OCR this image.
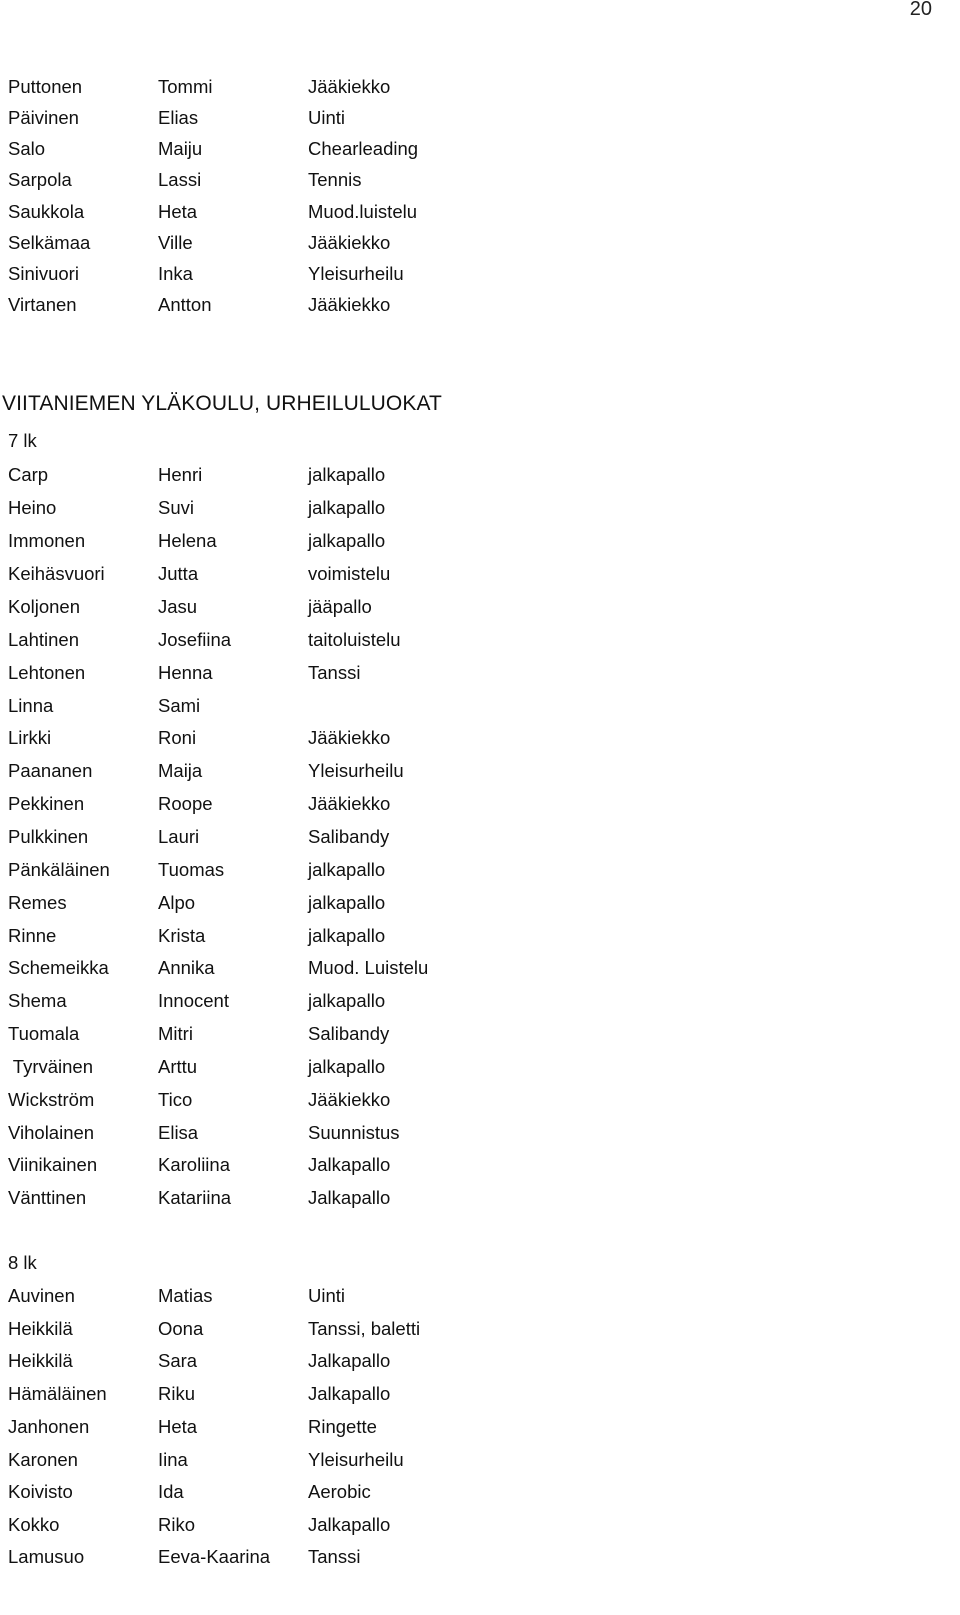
20
Puttonen	Tommi	Jääkiekko
Päivinen	Elias	Uinti
Salo	Maiju	Chearleading
Sarpola	Lassi	Tennis
Saukkola	Heta	Muod.luistelu
Selkämaa	Ville	Jääkiekko
Sinivuori	Inka	Yleisurheilu
Virtanen	Antton	Jääkiekko
VIITANIEMEN YLÄKOULU, URHEILULUOKAT
7 lk
Carp	Henri	jalkapallo
Heino	Suvi	jalkapallo
Immonen	Helena	jalkapallo
Keihäsvuori	Jutta	voimistelu
Koljonen	Jasu	jääpallo
Lahtinen	Josefiina	taitoluistelu
Lehtonen	Henna	Tanssi
Linna	Sami
Lirkki	Roni	Jääkiekko
Paananen	Maija	Yleisurheilu
Pekkinen	Roope	Jääkiekko
Pulkkinen	Lauri	Salibandy
Pänkäläinen	Tuomas	jalkapallo
Remes	Alpo	jalkapallo
Rinne	Krista	jalkapallo
Schemeikka	Annika	Muod. Luistelu
Shema	Innocent	jalkapallo
Tuomala	Mitri	Salibandy
Tyrväinen	Arttu	jalkapallo
Wickström	Tico	Jääkiekko
Viholainen	Elisa	Suunnistus
Viinikainen	Karoliina	Jalkapallo
Vänttinen	Katariina	Jalkapallo
8 lk
Auvinen	Matias	Uinti
Heikkilä	Oona	Tanssi, baletti
Heikkilä	Sara	Jalkapallo
Hämäläinen	Riku	Jalkapallo
Janhonen	Heta	Ringette
Karonen	Iina	Yleisurheilu
Koivisto	Ida	Aerobic
Kokko	Riko	Jalkapallo
Lamusuo	Eeva-Kaarina Tanssi
